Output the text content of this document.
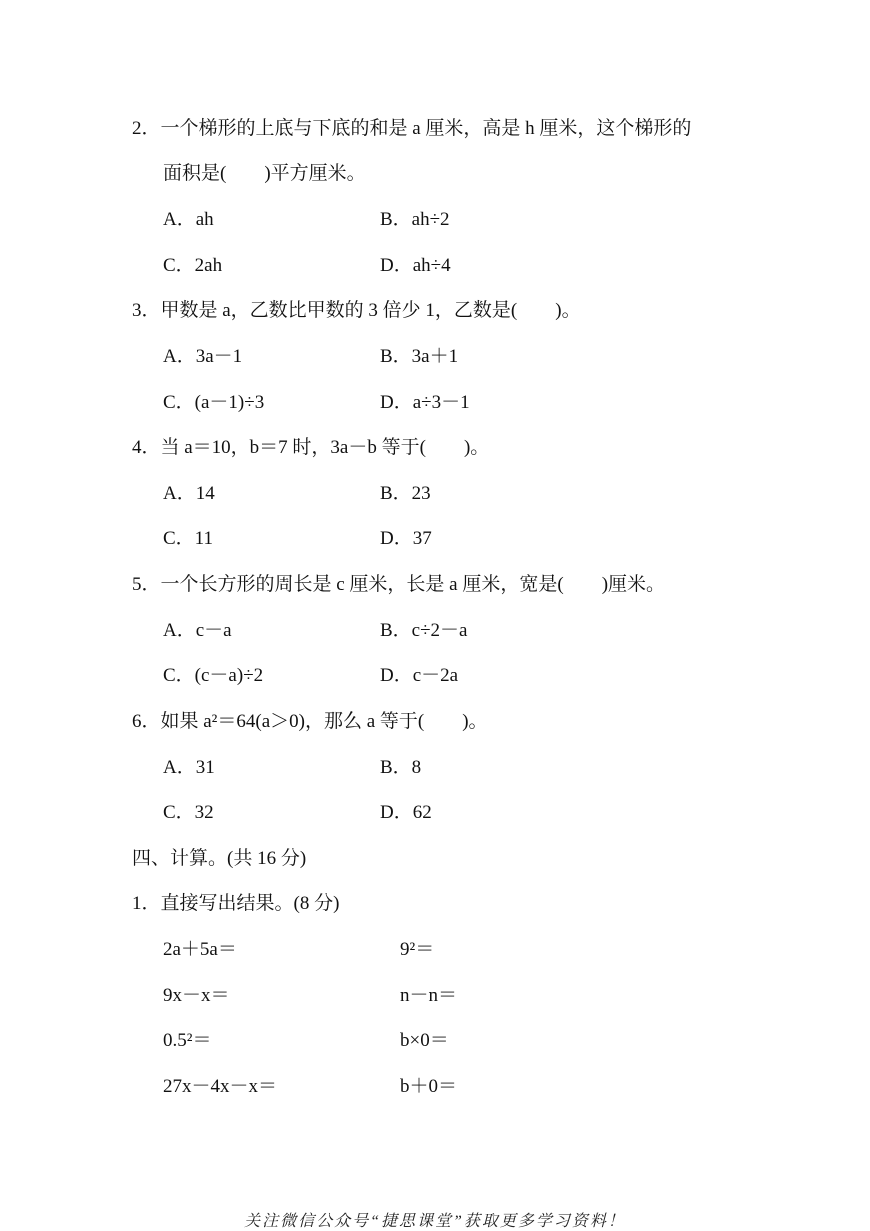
2．一个梯形的上底与下底的和是 a 厘米，高是 h 厘米，这个梯形的
面积是(　　)平方厘米。
A．ah	B．ah÷2
C．2ah	D．ah÷4
3．甲数是 a，乙数比甲数的 3 倍少 1，乙数是(　　)。
A．3a－1	B．3a＋1
C．(a－1)÷3	D．a÷3－1
4．当 a＝10，b＝7 时，3a－b 等于(　　)。
A．14	B．23
C．11	D．37
5．一个长方形的周长是 c 厘米，长是 a 厘米，宽是(　　)厘米。
A．c－a	B．c÷2－a
C．(c－a)÷2	D．c－2a
6．如果 a²＝64(a＞0)，那么 a 等于(　　)。
A．31	B．8
C．32	D．62
四、计算。(共 16 分)
1．直接写出结果。(8 分)
2a＋5a＝	9²＝
9x－x＝	n－n＝
0.5²＝	b×0＝
27x－4x－x＝	b＋0＝
关注微信公众号“捷思课堂”获取更多学习资料！
